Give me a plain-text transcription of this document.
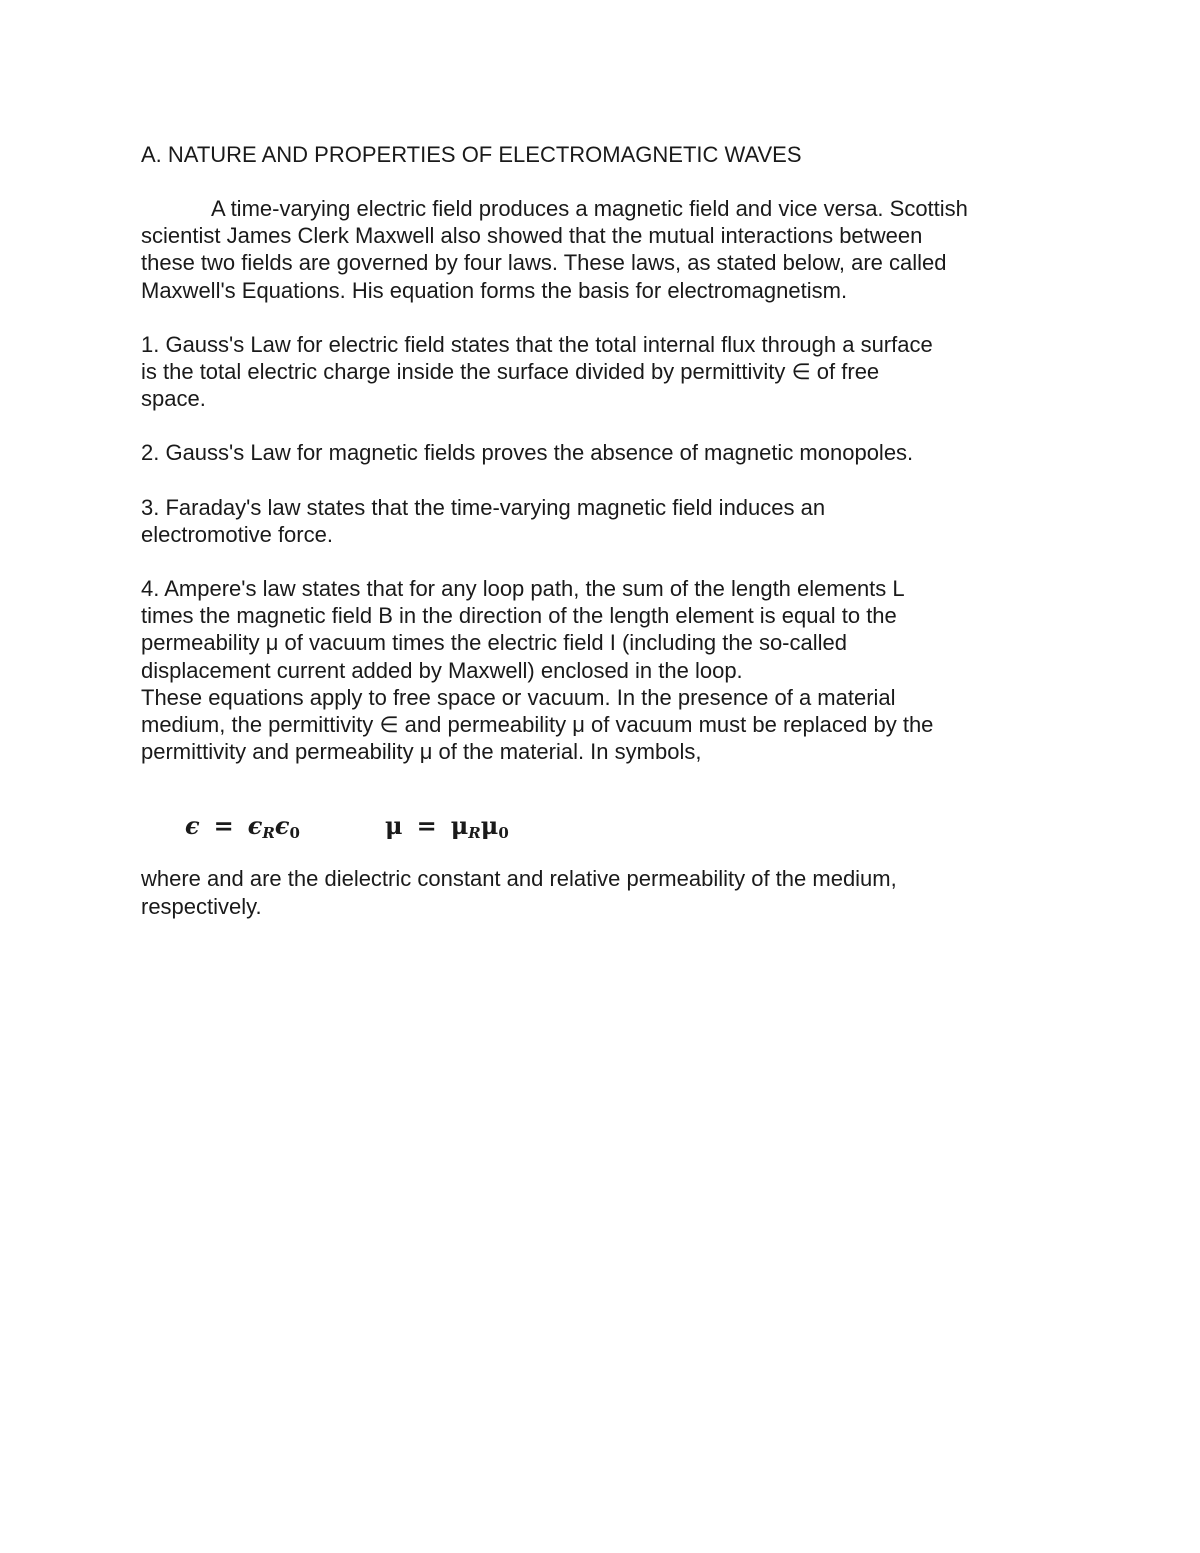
A. NATURE AND PROPERTIES OF ELECTROMAGNETIC WAVES
A time-varying electric field produces a magnetic field and vice versa. Scottish
scientist James Clerk Maxwell also showed that the mutual interactions between
these two fields are governed by four laws. These laws, as stated below, are called
Maxwell's Equations. His equation forms the basis for electromagnetism.
1. Gauss's Law for electric field states that the total internal flux through a surface
is the total electric charge inside the surface divided by permittivity ∈ of free
space.
2. Gauss's Law for magnetic fields proves the absence of magnetic monopoles.
3. Faraday's law states that the time-varying magnetic field induces an
electromotive force.
4. Ampere's law states that for any loop path, the sum of the length elements L
times the magnetic field B in the direction of the length element is equal to the
permeability μ of vacuum times the electric field I (including the so-called
displacement current added by Maxwell) enclosed in the loop.
These equations apply to free space or vacuum. In the presence of a material
medium, the permittivity ∈ and permeability μ of vacuum must be replaced by the
permittivity and permeability μ of the material. In symbols,
$\epsilon = \epsilon_R\epsilon_0$	$\mu = \mu_R\mu_0$
where and are the dielectric constant and relative permeability of the medium,
respectively.
